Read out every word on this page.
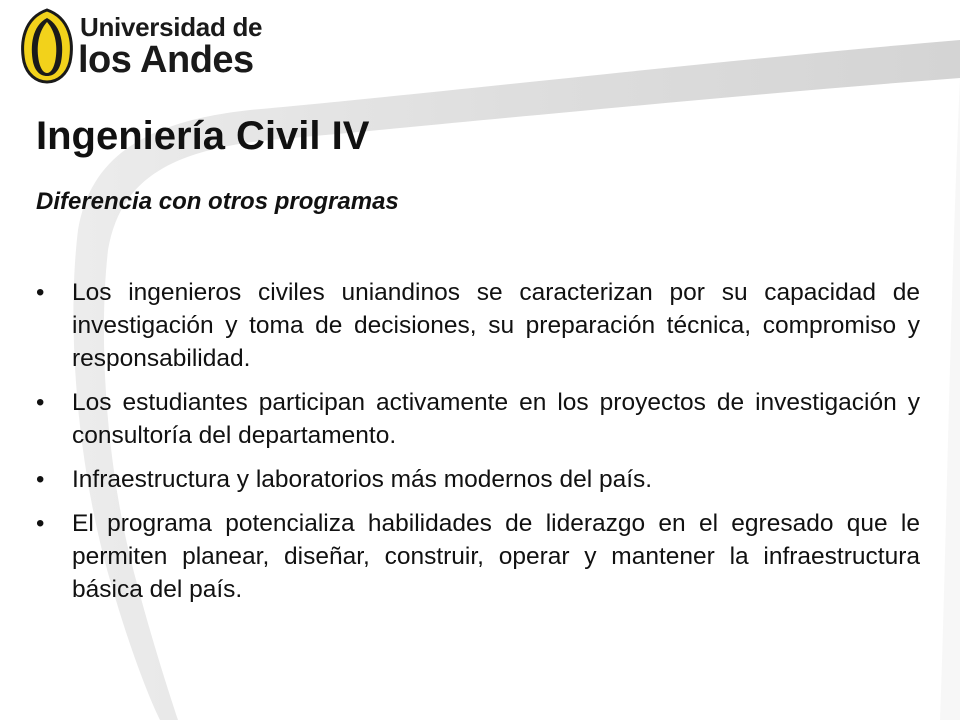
Universidad de
los Andes
Ingeniería Civil IV
Diferencia con otros programas
• Los ingenieros civiles uniandinos se caracterizan por su capacidad de investigación y toma de decisiones, su preparación técnica, compromiso y responsabilidad.
• Los estudiantes participan activamente en los proyectos de investigación y consultoría del departamento.
• Infraestructura y laboratorios más modernos del país.
• El programa potencializa habilidades de liderazgo en el egresado que le permiten planear, diseñar, construir, operar y mantener la infraestructura básica del país.
